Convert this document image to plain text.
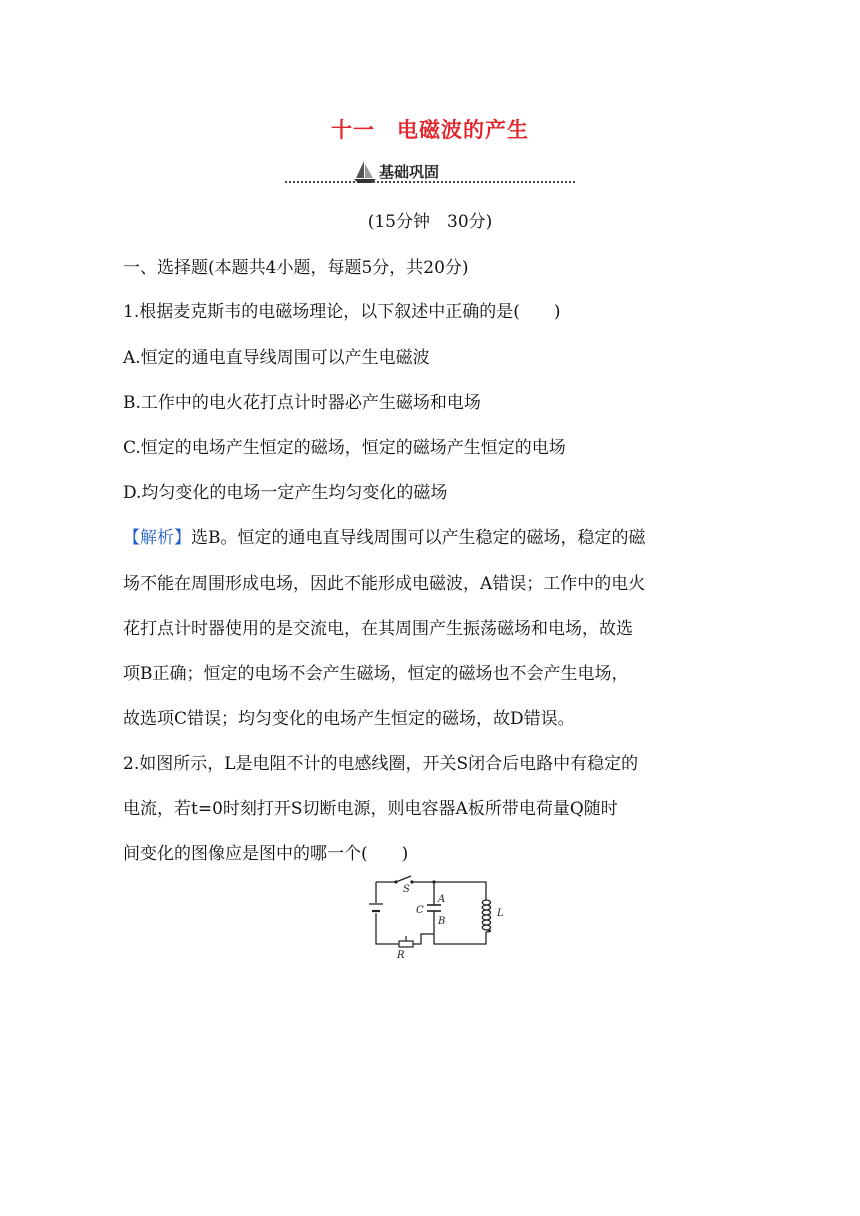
十一　电磁波的产生
基础巩固
(15分钟　30分)
一、选择题(本题共4小题，每题5分，共20分)
1.根据麦克斯韦的电磁场理论，以下叙述中正确的是(　　)
A.恒定的通电直导线周围可以产生电磁波
B.工作中的电火花打点计时器必产生磁场和电场
C.恒定的电场产生恒定的磁场，恒定的磁场产生恒定的电场
D.均匀变化的电场一定产生均匀变化的磁场
【解析】选B。恒定的通电直导线周围可以产生稳定的磁场，稳定的磁
场不能在周围形成电场，因此不能形成电磁波，A错误；工作中的电火
花打点计时器使用的是交流电，在其周围产生振荡磁场和电场，故选
项B正确；恒定的电场不会产生磁场，恒定的磁场也不会产生电场，
故选项C错误；均匀变化的电场产生恒定的磁场，故D错误。
2.如图所示，L是电阻不计的电感线圈，开关S闭合后电路中有稳定的
电流，若t=0时刻打开S切断电源，则电容器A板所带电荷量Q随时
间变化的图像应是图中的哪一个(　　)
S
C
A
B
L
R
